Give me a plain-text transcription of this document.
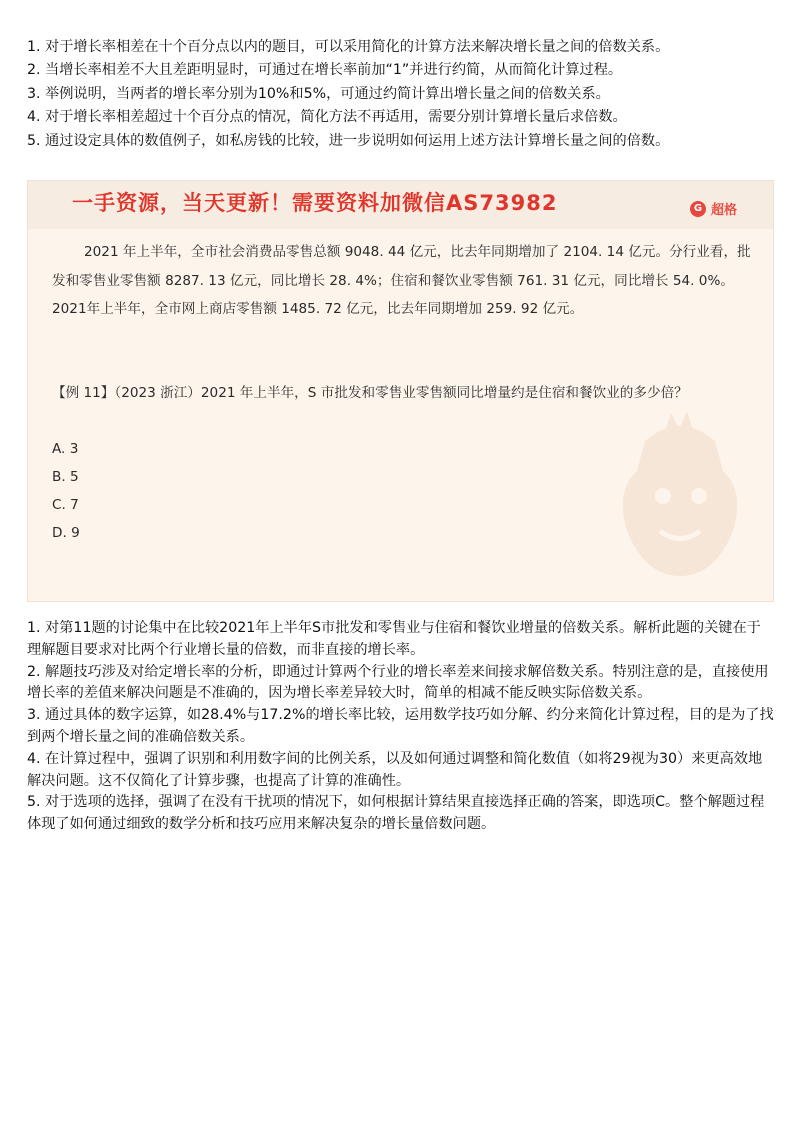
1. 对于增长率相差在十个百分点以内的题目，可以采用简化的计算方法来解决增长量之间的倍数关系。
2. 当增长率相差不大且差距明显时，可通过在增长率前加“1”并进行约简，从而简化计算过程。
3. 举例说明，当两者的增长率分别为10%和5%，可通过约简计算出增长量之间的倍数关系。
4. 对于增长率相差超过十个百分点的情况，简化方法不再适用，需要分别计算增长量后求倍数。
5. 通过设定具体的数值例子，如私房钱的比较，进一步说明如何运用上述方法计算增长量之间的倍数。
一手资源，当天更新！需要资料加微信AS73982	G 超格
2021 年上半年，全市社会消费品零售总额 9048. 44 亿元，比去年同期增加了 2104. 14 亿元。分行业看，批发和零售业零售额 8287. 13 亿元，同比增长 28. 4%；住宿和餐饮业零售额 761. 31 亿元，同比增长 54. 0%。2021年上半年，全市网上商店零售额 1485. 72 亿元，比去年同期增加 259. 92 亿元。
【例 11】（2023 浙江）2021 年上半年，S 市批发和零售业零售额同比增量约是住宿和餐饮业的多少倍？
A. 3
B. 5
C. 7
D. 9

1. 对第11题的讨论集中在比较2021年上半年S市批发和零售业与住宿和餐饮业增量的倍数关系。解析此题的关键在于理解题目要求对比两个行业增长量的倍数，而非直接的增长率。

2. 解题技巧涉及对给定增长率的分析，即通过计算两个行业的增长率差来间接求解倍数关系。特别注意的是，直接使用增长率的差值来解决问题是不准确的，因为增长率差异较大时，简单的相减不能反映实际倍数关系。

3. 通过具体的数字运算，如28.4%与17.2%的增长率比较，运用数学技巧如分解、约分来简化计算过程，目的是为了找到两个增长量之间的准确倍数关系。

4. 在计算过程中，强调了识别和利用数字间的比例关系，以及如何通过调整和简化数值（如将29视为30）来更高效地解决问题。这不仅简化了计算步骤，也提高了计算的准确性。

5. 对于选项的选择，强调了在没有干扰项的情况下，如何根据计算结果直接选择正确的答案，即选项C。整个解题过程体现了如何通过细致的数学分析和技巧应用来解决复杂的增长量倍数问题。
